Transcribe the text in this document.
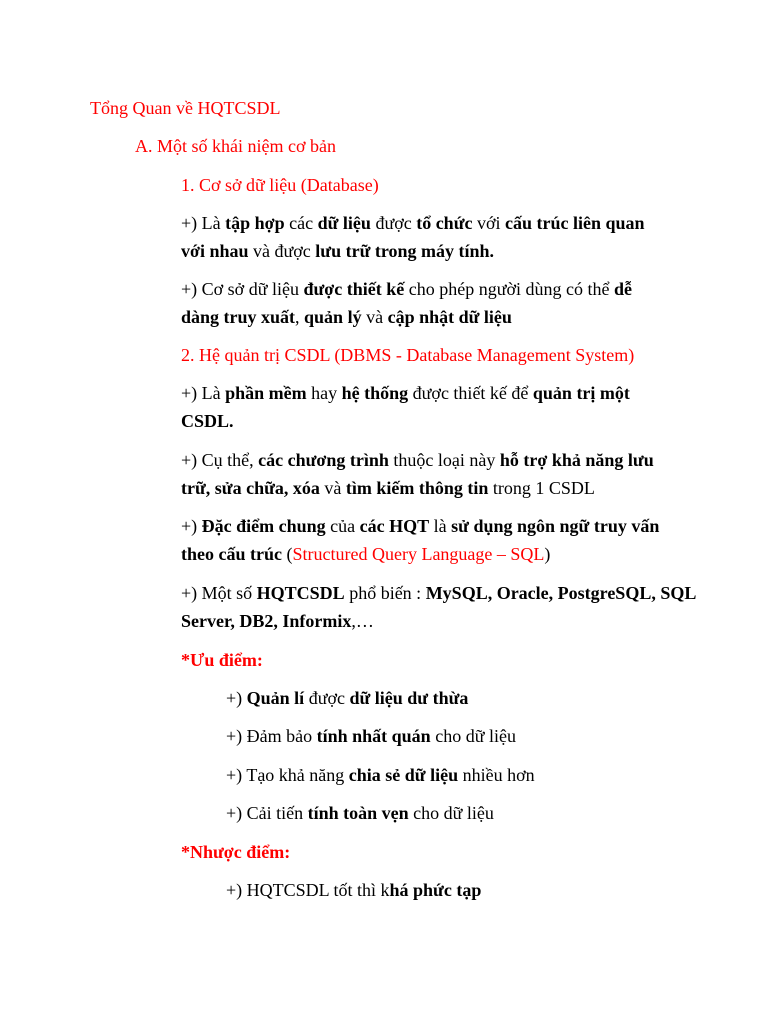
Tổng Quan về HQTCSDL
A. Một số khái niệm cơ bản
1. Cơ sở dữ liệu (Database)
+) Là tập hợp các dữ liệu được tổ chức với cấu trúc liên quan
với nhau và được lưu trữ trong máy tính.
+) Cơ sở dữ liệu được thiết kế cho phép người dùng có thể dễ
dàng truy xuất, quản lý và cập nhật dữ liệu
2. Hệ quản trị CSDL (DBMS - Database Management System)
+) Là phần mềm hay hệ thống được thiết kế để quản trị một
CSDL.
+) Cụ thể, các chương trình thuộc loại này hỗ trợ khả năng lưu
trữ, sửa chữa, xóa và tìm kiếm thông tin trong 1 CSDL
+) Đặc điểm chung của các HQT là sử dụng ngôn ngữ truy vấn
theo cấu trúc (Structured Query Language – SQL)
+) Một số HQTCSDL phổ biến : MySQL, Oracle, PostgreSQL, SQL
Server, DB2, Informix,…
*Ưu điểm:
+) Quản lí được dữ liệu dư thừa
+) Đảm bảo tính nhất quán cho dữ liệu
+) Tạo khả năng chia sẻ dữ liệu nhiều hơn
+) Cải tiến tính toàn vẹn cho dữ liệu
*Nhược điểm:
+) HQTCSDL tốt thì khá phức tạp
